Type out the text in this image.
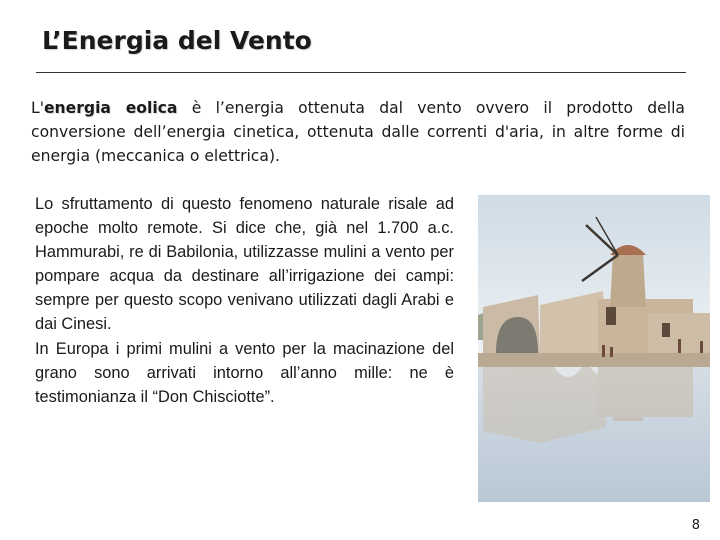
L’Energia del Vento

L'energia eolica è l’energia ottenuta dal vento ovvero il prodotto della conversione dell’energia cinetica, ottenuta dalle correnti d'aria, in altre forme di energia (meccanica o elettrica).

Lo sfruttamento di questo fenomeno naturale risale ad epoche molto remote. Si dice che, già nel 1.700 a.c. Hammurabi, re di Babilonia, utilizzasse mulini a vento per pompare acqua da destinare all’irrigazione dei campi: sempre per questo scopo venivano utilizzati dagli Arabi e dai Cinesi.

In Europa i primi mulini a vento per la macinazione del grano sono arrivati intorno all’anno mille: ne è testimonianza il “Don Chisciotte”.

8
